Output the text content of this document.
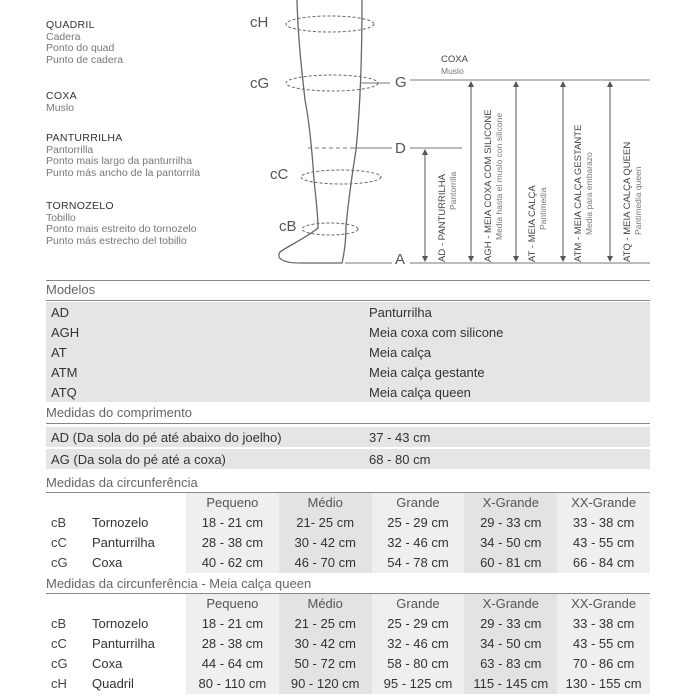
QUADRIL
Cadera
Ponto do quad
Punto de cadera
COXA
Muslo
PANTURRILHA
Pantorrilla
Ponto mais largo da panturrilha
Punto más ancho de la pantorrila
TORNOZELO
Tobillo
Ponto mais estreito do tornozelo
Punto más estrecho del tobillo
cH
cG
cC
cB
G
D
A
COXA
Muslo
AD - PANTURRILHA Pantorrilla	AGH - MEIA COXA COM SILICONE Media hasta el muslo con silicone AT - MEIA CALÇA Pantimedia	ATM - MEIA CALÇA GESTANTE Media para embarazo	ATQ - MEIA CALÇA QUEEN Pantimedia queen
Modelos
AD	Panturrilha
AGH	Meia coxa com silicone
AT	Meia calça
ATM	Meia calça gestante
ATQ	Meia calça queen
Medidas do comprimento
AD (Da sola do pé até abaixo do joelho)	37 - 43 cm
AG (Da sola do pé até a coxa)	68 - 80 cm
Medidas da circunferência
		Pequeno	Médio	Grande	X-Grande	XX-Grande
cB	Tornozelo	18 - 21 cm	21- 25 cm	25 - 29 cm	29 - 33 cm	33 - 38 cm
cC	Panturrilha	28 - 38 cm	30 - 42 cm	32 - 46 cm	34 - 50 cm	43 - 55 cm
cG	Coxa	40 - 62 cm	46 - 70 cm	54 - 78 cm	60 - 81 cm	66 - 84 cm
Medidas da circunferência - Meia calça queen
		Pequeno	Médio	Grande	X-Grande	XX-Grande
cB	Tornozelo	18 - 21 cm	21 - 25 cm	25 - 29 cm	29 - 33 cm	33 - 38 cm
cC	Panturrilha	28 - 38 cm	30 - 42 cm	32 - 46 cm	34 - 50 cm	43 - 55 cm
cG	Coxa	44 - 64 cm	50 - 72 cm	58 - 80 cm	63 - 83 cm	70 - 86 cm
cH	Quadril	80 - 110 cm	90 - 120 cm	95 - 125 cm	115 - 145 cm	130 - 155 cm
